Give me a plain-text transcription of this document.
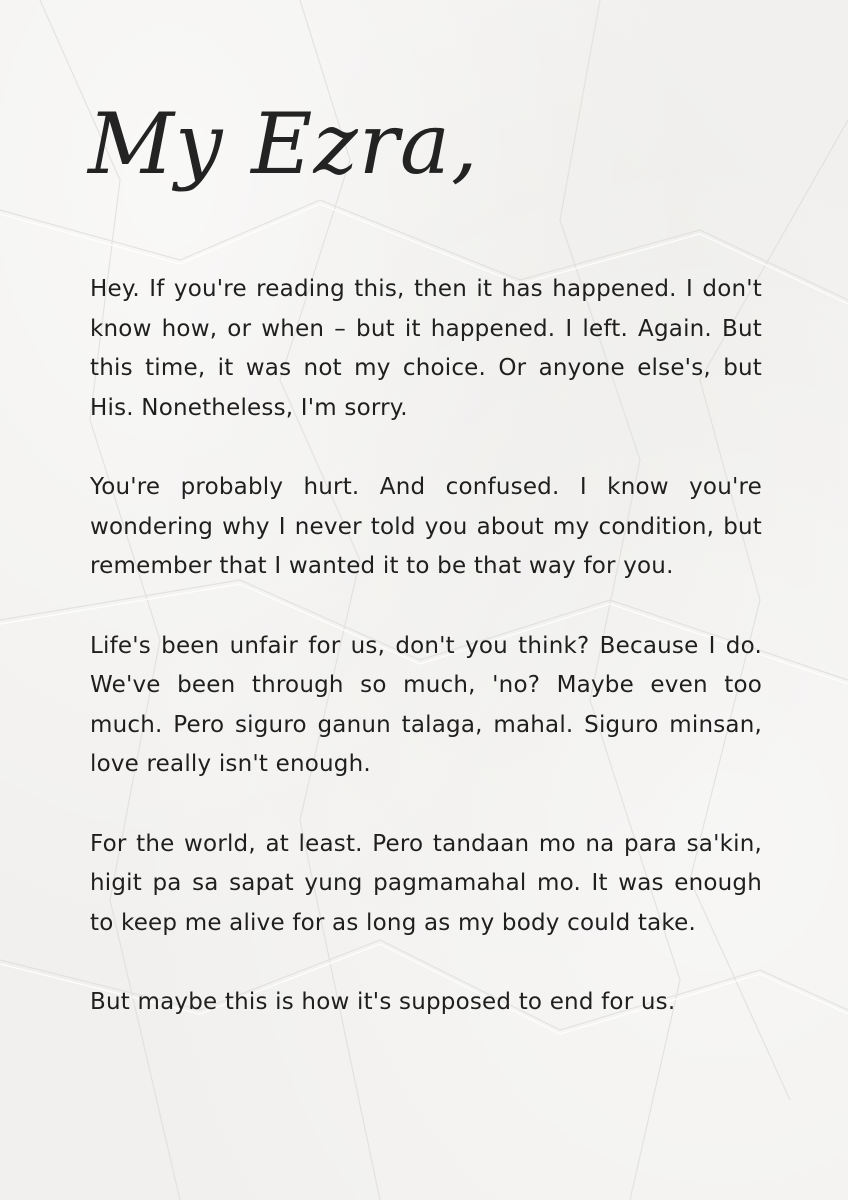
My Ezra,

Hey. If you're reading this, then it has happened. I don't know how, or when – but it happened. I left. Again. But this time, it was not my choice. Or anyone else's, but His. Nonetheless, I'm sorry.

You're probably hurt. And confused. I know you're wondering why I never told you about my condition, but remember that I wanted it to be that way for you.

Life's been unfair for us, don't you think? Because I do. We've been through so much, 'no? Maybe even too much. Pero siguro ganun talaga, mahal. Siguro minsan, love really isn't enough.

For the world, at least. Pero tandaan mo na para sa'kin, higit pa sa sapat yung pagmamahal mo. It was enough to keep me alive for as long as my body could take.

But maybe this is how it's supposed to end for us.
